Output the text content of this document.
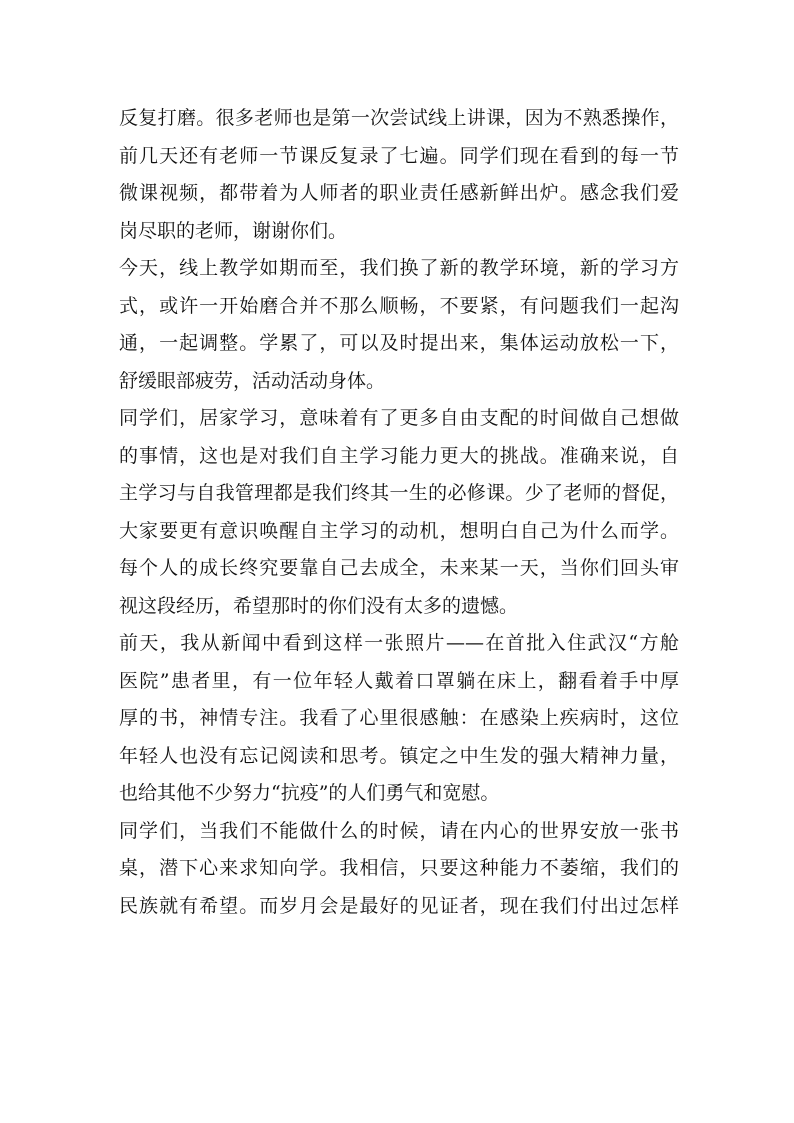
反复打磨。很多老师也是第一次尝试线上讲课，因为不熟悉操作，
前几天还有老师一节课反复录了七遍。同学们现在看到的每一节
微课视频，都带着为人师者的职业责任感新鲜出炉。感念我们爱
岗尽职的老师，谢谢你们。
今天，线上教学如期而至，我们换了新的教学环境，新的学习方
式，或许一开始磨合并不那么顺畅，不要紧，有问题我们一起沟
通，一起调整。学累了，可以及时提出来，集体运动放松一下，
舒缓眼部疲劳，活动活动身体。
同学们，居家学习，意味着有了更多自由支配的时间做自己想做
的事情，这也是对我们自主学习能力更大的挑战。准确来说，自
主学习与自我管理都是我们终其一生的必修课。少了老师的督促，
大家要更有意识唤醒自主学习的动机，想明白自己为什么而学。
每个人的成长终究要靠自己去成全，未来某一天，当你们回头审
视这段经历，希望那时的你们没有太多的遗憾。
前天，我从新闻中看到这样一张照片——在首批入住武汉“方舱
医院”患者里，有一位年轻人戴着口罩躺在床上，翻看着手中厚
厚的书，神情专注。我看了心里很感触：在感染上疾病时，这位
年轻人也没有忘记阅读和思考。镇定之中生发的强大精神力量，
也给其他不少努力“抗疫”的人们勇气和宽慰。
同学们，当我们不能做什么的时候，请在内心的世界安放一张书
桌，潜下心来求知向学。我相信，只要这种能力不萎缩，我们的
民族就有希望。而岁月会是最好的见证者，现在我们付出过怎样
